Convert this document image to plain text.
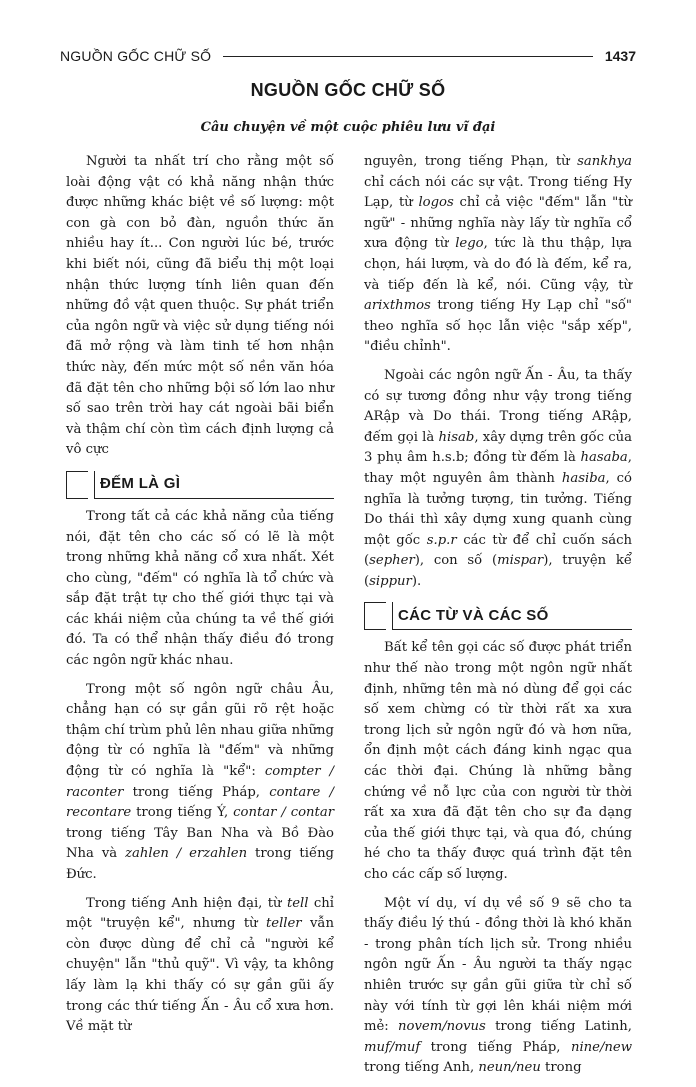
NGUỒN GỐC CHỮ SỐ	1437
NGUỒN GỐC CHỮ SỐ

Câu chuyện về một cuộc phiêu lưu vĩ đại

Người ta nhất trí cho rằng một số loài động vật có khả năng nhận thức được những khác biệt về số lượng: một con gà con bỏ đàn, nguồn thức ăn nhiều hay ít... Con người lúc bé, trước khi biết nói, cũng đã biểu thị một loại nhận thức lượng tính liên quan đến những đồ vật quen thuộc. Sự phát triển của ngôn ngữ và việc sử dụng tiếng nói đã mở rộng và làm tinh tế hơn nhận thức này, đến mức một số nền văn hóa đã đặt tên cho những bội số lớn lao như số sao trên trời hay cát ngoài bãi biển và thậm chí còn tìm cách định lượng cả vô cực

ĐẾM LÀ GÌ

Trong tất cả các khả năng của tiếng nói, đặt tên cho các số có lẽ là một trong những khả năng cổ xưa nhất. Xét cho cùng, "đếm" có nghĩa là tổ chức và sắp đặt trật tự cho thế giới thực tại và các khái niệm của chúng ta về thế giới đó. Ta có thể nhận thấy điều đó trong các ngôn ngữ khác nhau.

Trong một số ngôn ngữ châu Âu, chẳng hạn có sự gần gũi rõ rệt hoặc thậm chí trùm phủ lên nhau giữa những động từ có nghĩa là "đếm" và những động từ có nghĩa là "kể": compter / raconter trong tiếng Pháp, contare / recontare trong tiếng Ý, contar / contar trong tiếng Tây Ban Nha và Bồ Đào Nha và zahlen / erzahlen trong tiếng Đức.

Trong tiếng Anh hiện đại, từ tell chỉ một "truyện kể", nhưng từ teller vẫn còn được dùng để chỉ cả "người kể chuyện" lẫn "thủ quỹ". Vì vậy, ta không lấy làm lạ khi thấy có sự gần gũi ấy trong các thứ tiếng Ấn - Âu cổ xưa hơn. Về mặt từ

nguyên, trong tiếng Phạn, từ sankhya chỉ cách nói các sự vật. Trong tiếng Hy Lạp, từ logos chỉ cả việc "đếm" lẫn "từ ngữ" - những nghĩa này lấy từ nghĩa cổ xưa động từ lego, tức là thu thập, lựa chọn, hái lượm, và do đó là đếm, kể ra, và tiếp đến là kể, nói. Cũng vậy, từ arixthmos trong tiếng Hy Lạp chỉ "số" theo nghĩa số học lẫn việc "sắp xếp", "điều chỉnh".

Ngoài các ngôn ngữ Ấn - Âu, ta thấy có sự tương đồng như vậy trong tiếng ARập và Do thái. Trong tiếng ARập, đếm gọi là hisab, xây dựng trên gốc của 3 phụ âm h.s.b; đồng từ đếm là hasaba, thay một nguyên âm thành hasiba, có nghĩa là tưởng tượng, tin tưởng. Tiếng Do thái thì xây dựng xung quanh cùng một gốc s.p.r các từ để chỉ cuốn sách (sepher), con số (mispar), truyện kể (sippur).

CÁC TỪ VÀ CÁC SỐ

Bất kể tên gọi các số được phát triển như thế nào trong một ngôn ngữ nhất định, những tên mà nó dùng để gọi các số xem chừng có từ thời rất xa xưa trong lịch sử ngôn ngữ đó và hơn nữa, ổn định một cách đáng kinh ngạc qua các thời đại. Chúng là những bằng chứng về nỗ lực của con người từ thời rất xa xưa đã đặt tên cho sự đa dạng của thế giới thực tại, và qua đó, chúng hé cho ta thấy được quá trình đặt tên cho các cấp số lượng.

Một ví dụ, ví dụ về số 9 sẽ cho ta thấy điều lý thú - đồng thời là khó khăn - trong phân tích lịch sử. Trong nhiều ngôn ngữ Ấn - Âu người ta thấy ngạc nhiên trước sự gần gũi giữa từ chỉ số này với tính từ gợi lên khái niệm mới mẻ: novem/novus trong tiếng Latinh, muf/muf trong tiếng Pháp, nine/new trong tiếng Anh, neun/neu trong
